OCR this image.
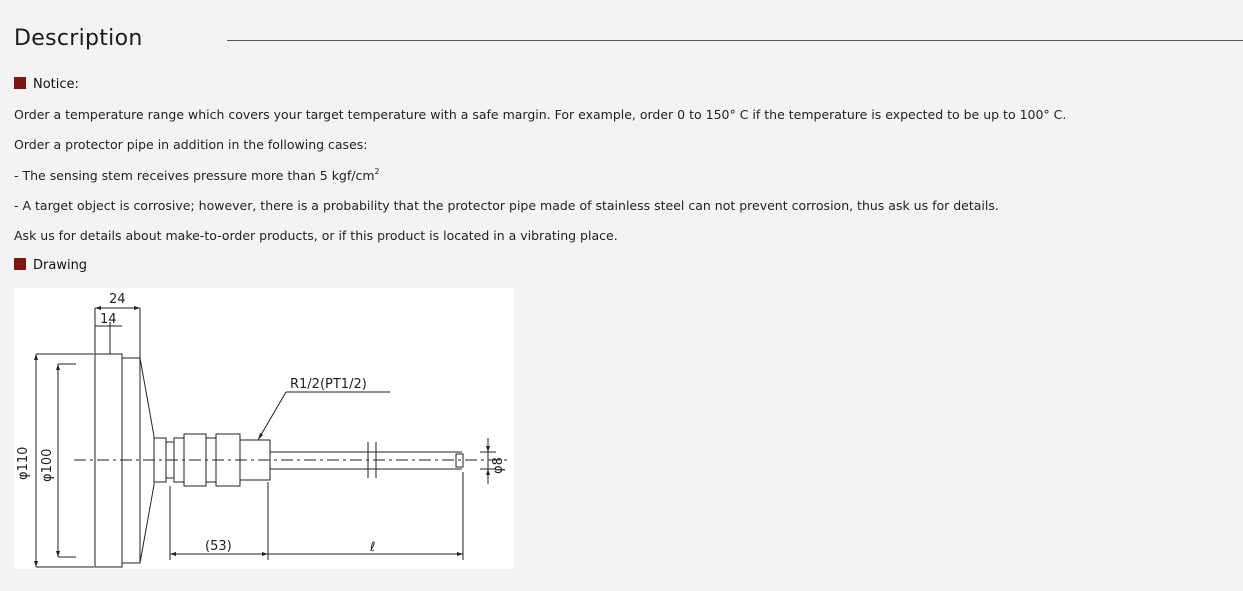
Description
Notice:
Order a temperature range which covers your target temperature with a safe margin. For example, order 0 to 150° C if the temperature is expected to be up to 100° C.
Order a protector pipe in addition in the following cases:
- The sensing stem receives pressure more than 5 kgf/$cm^2$
- A target object is corrosive; however, there is a probability that the protector pipe made of stainless steel can not prevent corrosion, thus ask us for details.
Ask us for details about make-to-order products, or if this product is located in a vibrating place.
Drawing
24
14
R1/2(PT1/2)
φ110 φ100	φ8
(53)	ℓ
